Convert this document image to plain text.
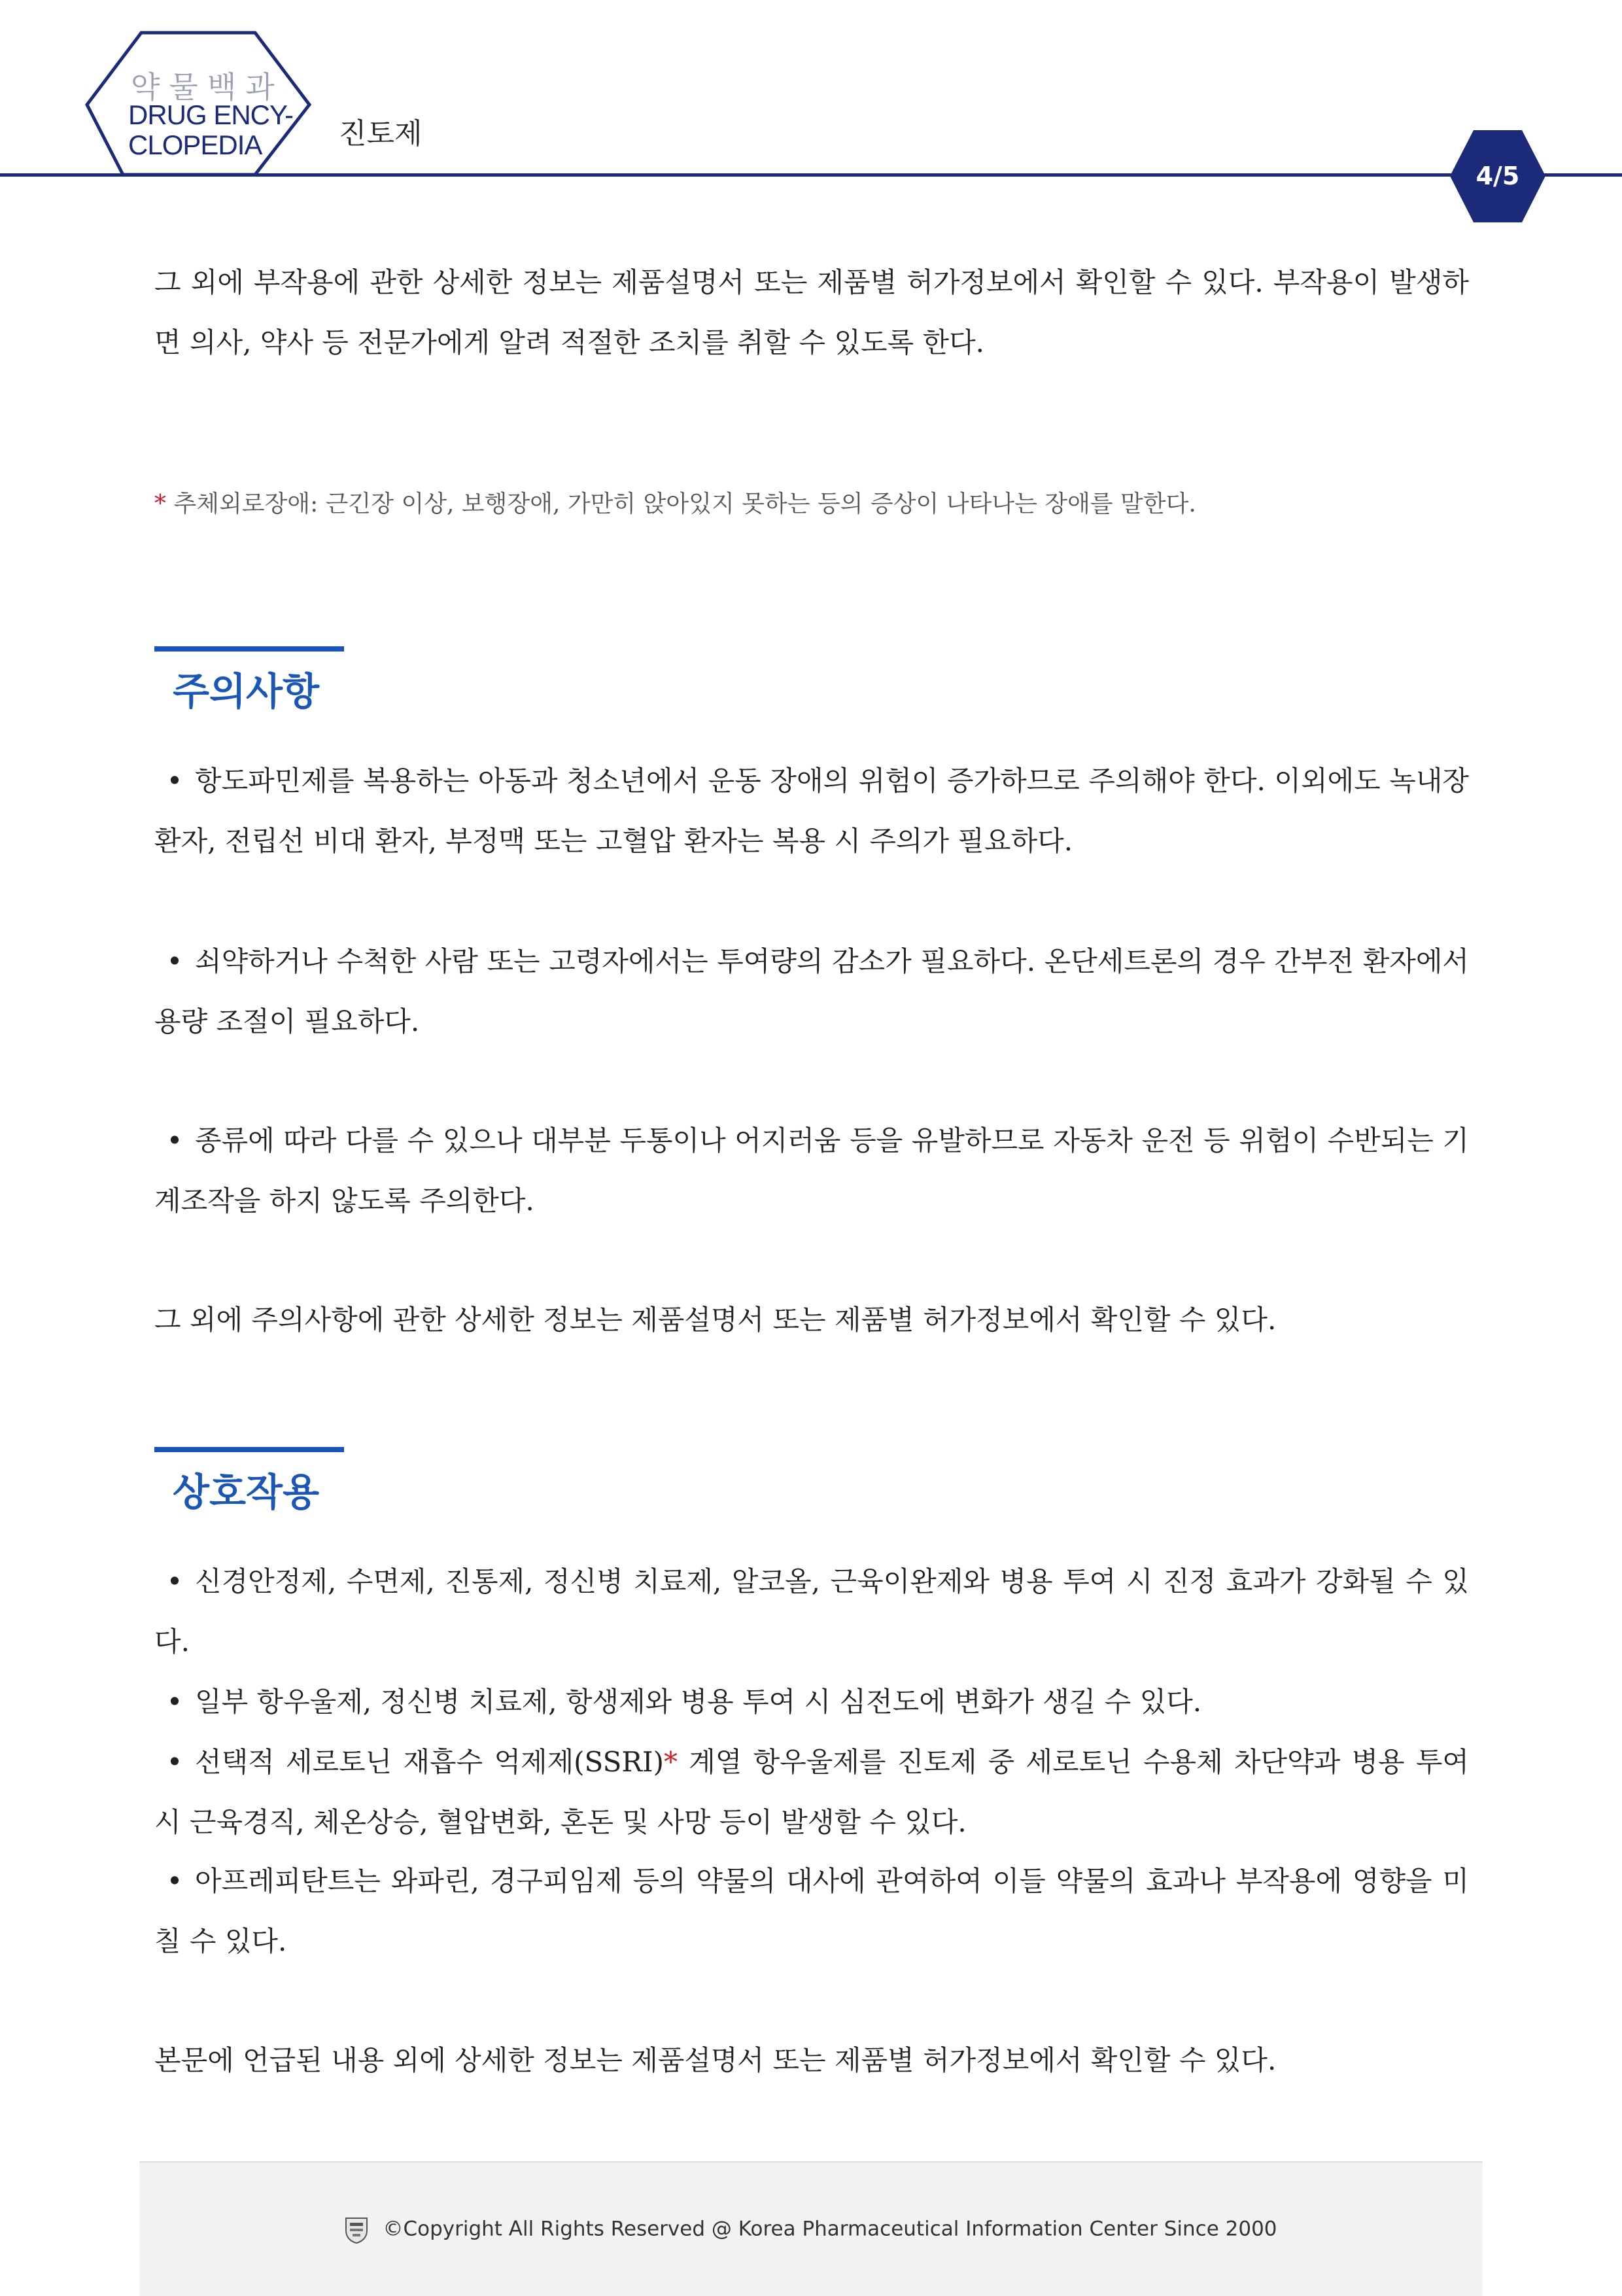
약물백과
DRUG ENCY-
CLOPEDIA	진토제
4/5

그 외에 부작용에 관한 상세한 정보는 제품설명서 또는 제품별 허가정보에서 확인할 수 있다. 부작용이 발생하면 의사, 약사 등 전문가에게 알려 적절한 조치를 취할 수 있도록 한다.

* 추체외로장애: 근긴장 이상, 보행장애, 가만히 앉아있지 못하는 등의 증상이 나타나는 장애를 말한다.
주의사항

• 항도파민제를 복용하는 아동과 청소년에서 운동 장애의 위험이 증가하므로 주의해야 한다. 이외에도 녹내장 환자, 전립선 비대 환자, 부정맥 또는 고혈압 환자는 복용 시 주의가 필요하다.

• 쇠약하거나 수척한 사람 또는 고령자에서는 투여량의 감소가 필요하다. 온단세트론의 경우 간부전 환자에서 용량 조절이 필요하다.

• 종류에 따라 다를 수 있으나 대부분 두통이나 어지러움 등을 유발하므로 자동차 운전 등 위험이 수반되는 기계조작을 하지 않도록 주의한다.

그 외에 주의사항에 관한 상세한 정보는 제품설명서 또는 제품별 허가정보에서 확인할 수 있다.

상호작용

• 신경안정제, 수면제, 진통제, 정신병 치료제, 알코올, 근육이완제와 병용 투여 시 진정 효과가 강화될 수 있다.

• 일부 항우울제, 정신병 치료제, 항생제와 병용 투여 시 심전도에 변화가 생길 수 있다.

• 선택적 세로토닌 재흡수 억제제(SSRI)* 계열 항우울제를 진토제 중 세로토닌 수용체 차단약과 병용 투여 시 근육경직, 체온상승, 혈압변화, 혼돈 및 사망 등이 발생할 수 있다.

• 아프레피탄트는 와파린, 경구피임제 등의 약물의 대사에 관여하여 이들 약물의 효과나 부작용에 영향을 미칠 수 있다.

본문에 언급된 내용 외에 상세한 정보는 제품설명서 또는 제품별 허가정보에서 확인할 수 있다.

©Copyright All Rights Reserved @ Korea Pharmaceutical Information Center Since 2000
